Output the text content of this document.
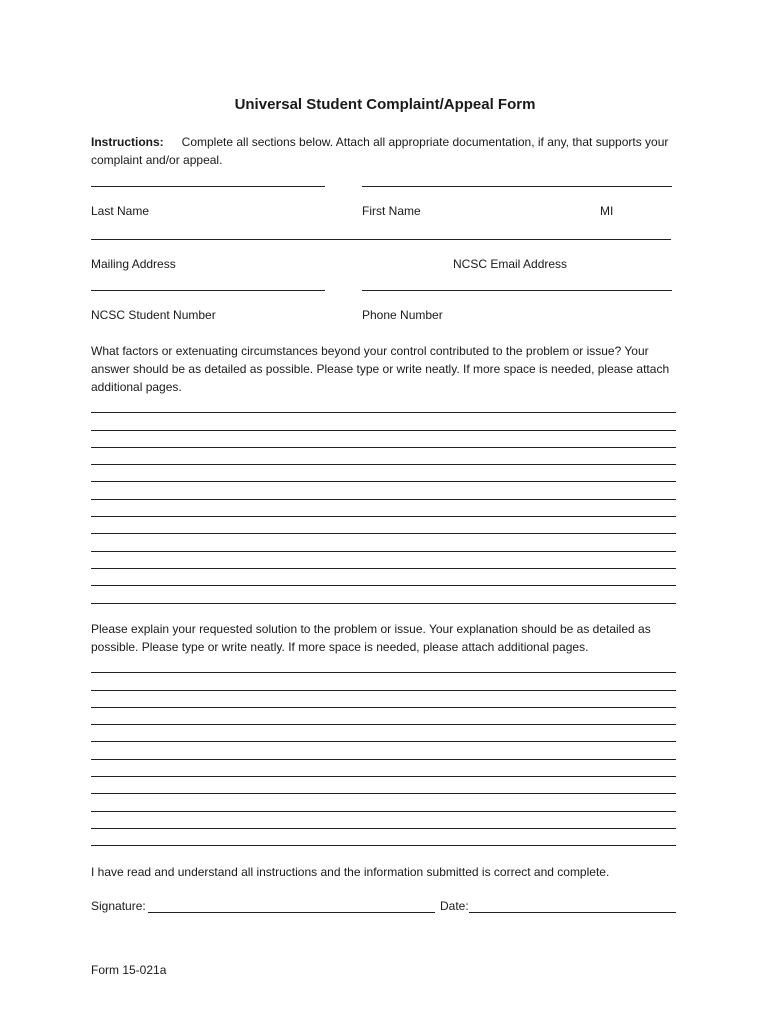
Universal Student Complaint/Appeal Form
Instructions: Complete all sections below. Attach all appropriate documentation, if any, that supports your complaint and/or appeal.
Last Name	First Name	MI
Mailing Address	NCSC Email Address
NCSC Student Number	Phone Number
What factors or extenuating circumstances beyond your control contributed to the problem or issue? Your answer should be as detailed as possible. Please type or write neatly. If more space is needed, please attach additional pages.
Please explain your requested solution to the problem or issue. Your explanation should be as detailed as possible. Please type or write neatly. If more space is needed, please attach additional pages.
I have read and understand all instructions and the information submitted is correct and complete.
Signature:	Date:
Form 15-021a
